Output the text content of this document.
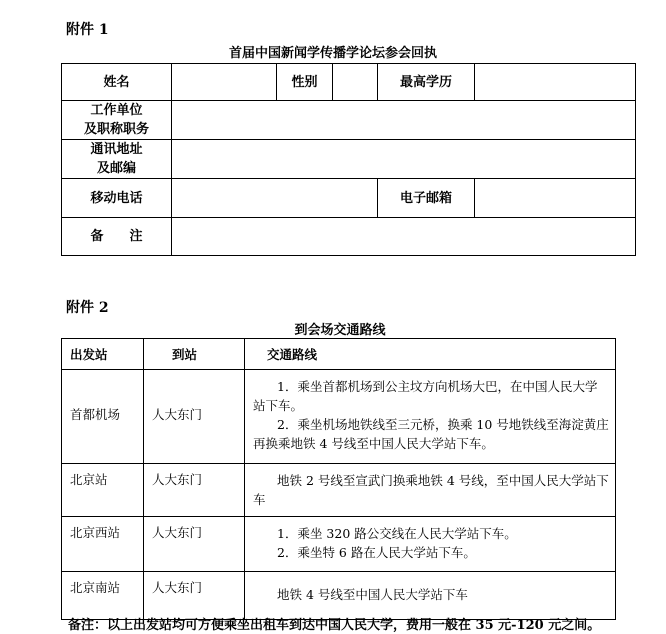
附件 1
首届中国新闻学传播学论坛参会回执
姓名		性别		最高学历	

工作单位
及职称职务					

通讯地址
及邮编					

移动电话				电子邮箱	
备　　注					
附件 2
到会场交通路线
出发站	到站	交通路线
首都机场	人大东门	1．乘坐首都机场到公主坟方向机场大巴，在中国人民大学站下车。

2．乘坐机场地铁线至三元桥，换乘 10 号地铁线至海淀黄庄再换乘地铁 4 号线至中国人民大学站下车。

北京站	人大东门	地铁 2 号线至宣武门换乘地铁 4 号线，至中国人民大学站下车

北京西站	人大东门	1．乘坐 320 路公交线在人民大学站下车。

2．乘坐特 6 路在人民大学站下车。

北京南站	人大东门	地铁 4 号线至中国人民大学站下车

备注：以上出发站均可方便乘坐出租车到达中国人民大学，费用一般在 35 元-120 元之间。
